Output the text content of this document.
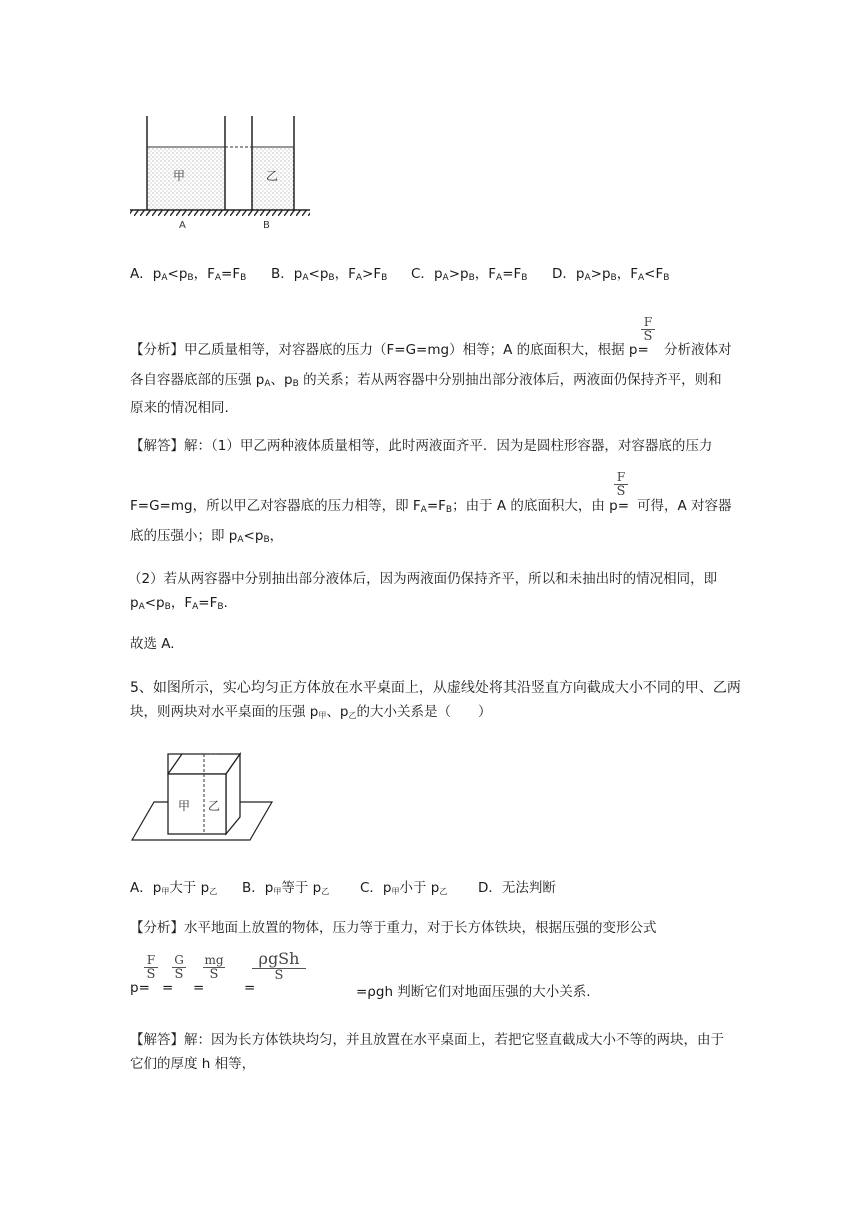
甲	乙
A	B
A．$p_A<p_B$，$F_A=F_B$ B．$p_A<p_B$，$F_A>F_B$ C．$p_A>p_B$，$F_A=F_B$ D．$p_A>p_B$，$F_A<F_B$
【分析】甲乙质量相等，对容器底的压力（F=G=mg）相等；A 的底面积大，根据 p=
F
S
分析液体对
各自容器底部的压强 $p_A$、$p_B$ 的关系；若从两容器中分别抽出部分液体后，两液面仍保持齐平，则和
原来的情况相同.
【解答】解：（1）甲乙两种液体质量相等，此时两液面齐平．因为是圆柱形容器，对容器底的压力
F=G=mg，所以甲乙对容器底的压力相等，即 $F_A=F_B$；由于 A 的底面积大，由 p=
F
S
可得，A 对容器
底的压强小；即 $p_A<p_B$，
（2）若从两容器中分别抽出部分液体后，因为两液面仍保持齐平，所以和未抽出时的情况相同，即
$p_A<p_B$，$F_A=F_B$.
故选 A.
5、如图所示，实心均匀正方体放在水平桌面上，从虚线处将其沿竖直方向截成大小不同的甲、乙两
块，则两块对水平桌面的压强 p甲、p乙的大小关系是（　　）
甲 乙
A．p甲大于 p乙 B．p甲等于 p乙 C．p甲小于 p乙 D．无法判断
【分析】水平地面上放置的物体，压力等于重力，对于长方体铁块，根据压强的变形公式
p=
F
S
=
G
S
=
mg
S
=
ρgSh
S
=ρgh 判断它们对地面压强的大小关系.
【解答】解：因为长方体铁块均匀，并且放置在水平桌面上，若把它竖直截成大小不等的两块，由于
它们的厚度 h 相等，
